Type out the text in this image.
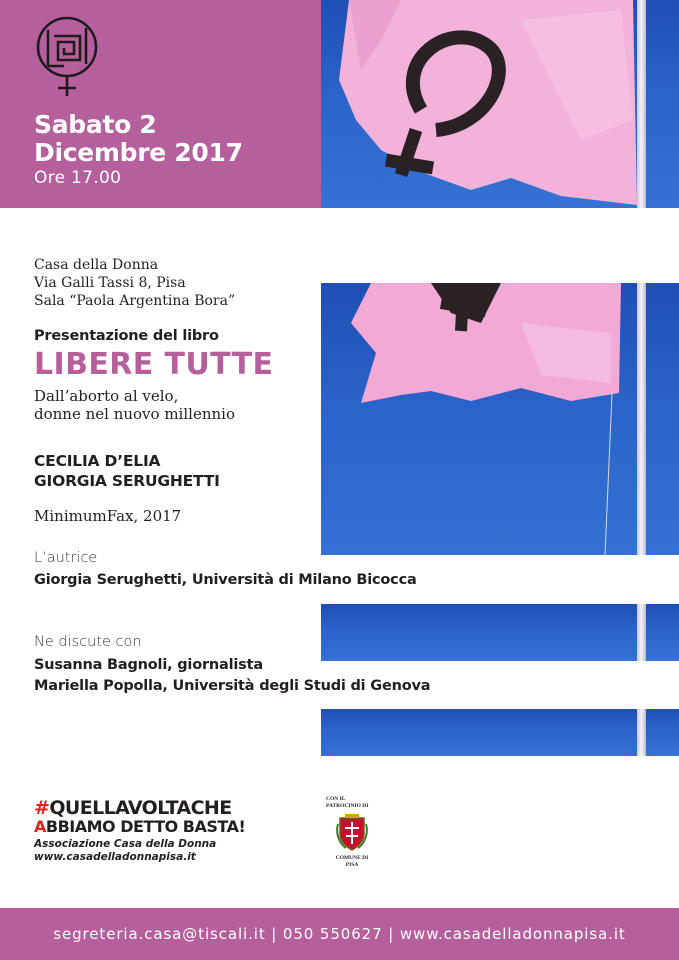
Sabato 2
Dicembre 2017
Ore 17.00
Casa della Donna
Via Galli Tassi 8, Pisa
Sala “Paola Argentina Bora”
Presentazione del libro
LIBERE TUTTE
Dall’aborto al velo,
donne nel nuovo millennio
CECILIA D’ELIA
GIORGIA SERUGHETTI
MinimumFax, 2017
L’autrice
Giorgia Serughetti, Università di Milano Bicocca
Ne discute con
Susanna Bagnoli, giornalista
Mariella Popolla, Università degli Studi di Genova
#QUELLAVOLTACHE
ABBIAMO DETTO BASTA!
Associazione Casa della Donna
www.casadelladonnapisa.it
CON IL
PATROCINIO DI
COMUNE DI
PISA
segreteria.casa@tiscali.it | 050 550627 | www.casadelladonnapisa.it
